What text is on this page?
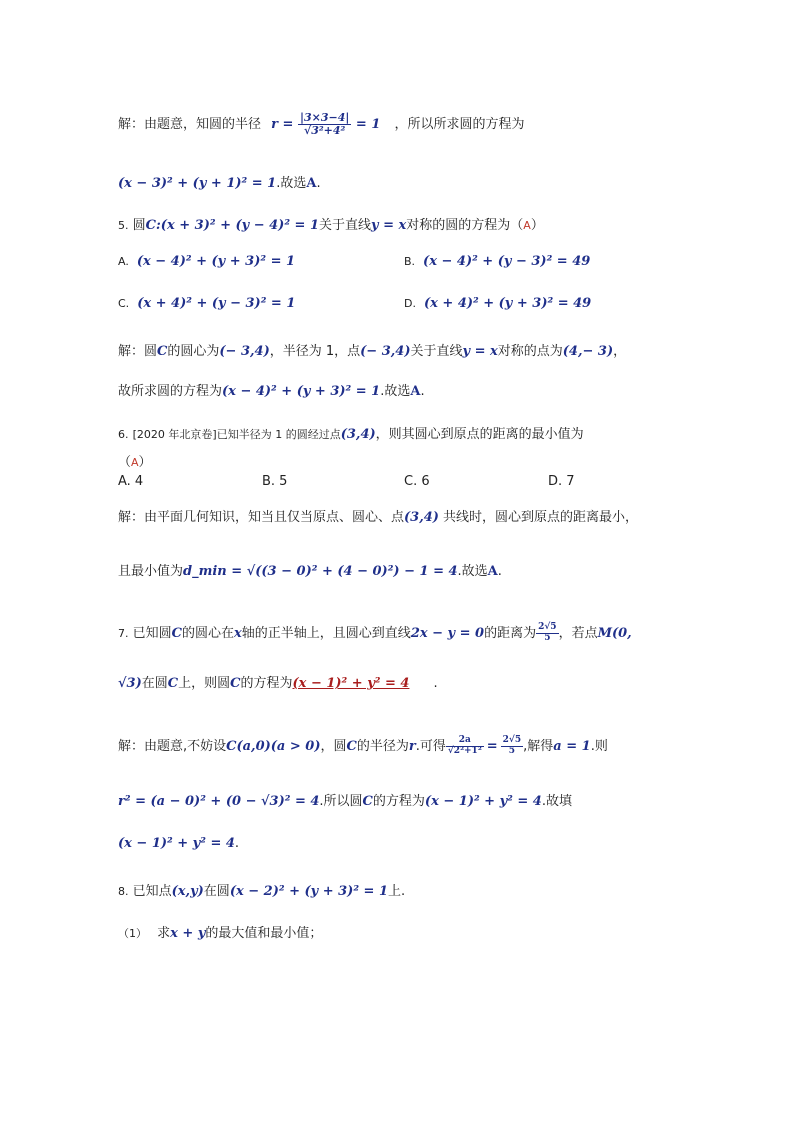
解：由题意，知圆的半径 $r = \frac{|3\times 3-4|}{\text{√3²+4²}} = 1$ ，所以所求圆的方程为
(x − 3)² + (y + 1)² = 1.故选A.
5. 圆C:(x + 3)² + (y − 4)² = 1关于直线y = x对称的圆的方程为（A）
A. (x − 4)² + (y + 3)² = 1	B. (x − 4)² + (y − 3)² = 49
C. (x + 4)² + (y − 3)² = 1	D. (x + 4)² + (y + 3)² = 49
解：圆C的圆心为(− 3,4)，半径为 1，点(− 3,4)关于直线y = x对称的点为(4,− 3)，
故所求圆的方程为(x − 4)² + (y + 3)² = 1.故选A.
6. [2020 年北京卷]已知半径为 1 的圆经过点(3,4)，则其圆心到原点的距离的最小值为
（A）
A. 4	B. 5	C. 6	D. 7
解：由平面几何知识，知当且仅当原点、圆心、点(3,4) 共线时，圆心到原点的距离最小，
且最小值为d_min = √((3 − 0)² + (4 − 0)²) − 1 = 4.故选A.
7. 已知圆C的圆心在x轴的正半轴上，且圆心到直线2x − y = 0的距离为 $\frac{2√5}{5}$ ，若点M(0,
√3)在圆C上，则圆C的方程为(x − 1)² + y² = 4 .
解：由题意,不妨设C(a,0)(a > 0)，圆C的半径为r.可得 $\frac{2a}{\text{√2²+1²}} = \frac{2√5}{5}$ ,解得a = 1.则
r² = (a − 0)² + (0 − √3)² = 4.所以圆C的方程为(x − 1)² + y² = 4.故填
(x − 1)² + y² = 4.
8. 已知点(x,y)在圆(x − 2)² + (y + 3)² = 1上.
（1） 求x + y的最大值和最小值；
